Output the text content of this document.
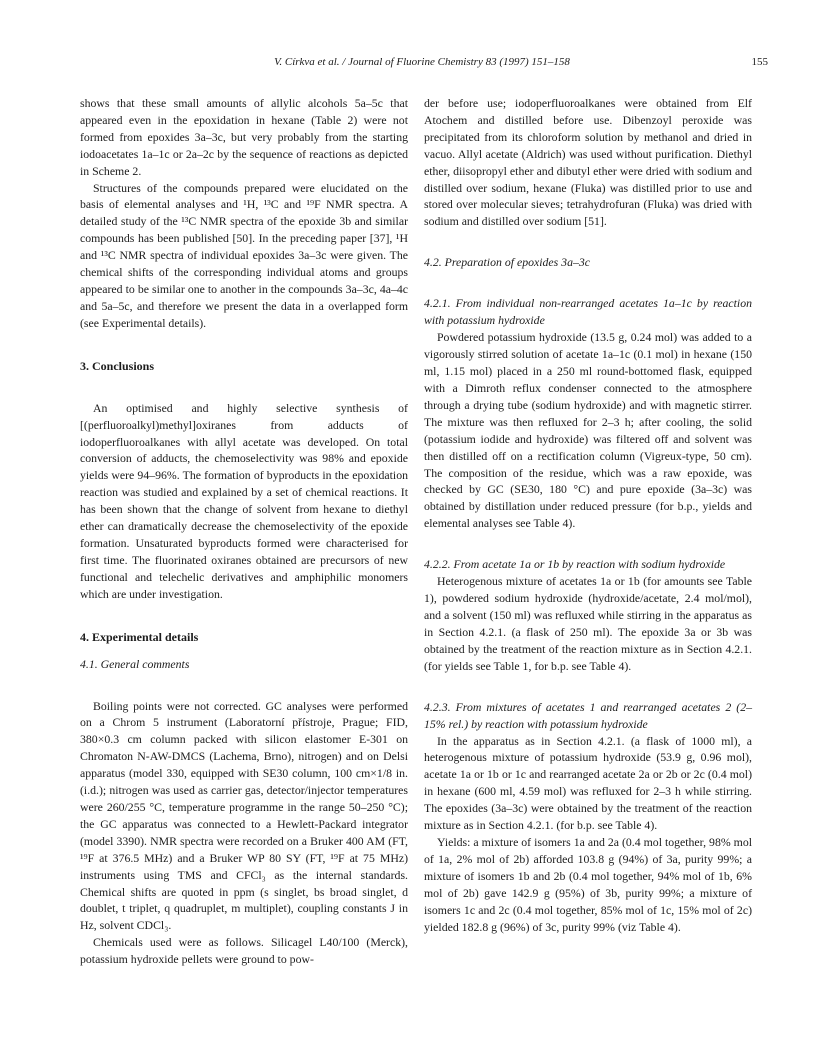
V. Církva et al. / Journal of Fluorine Chemistry 83 (1997) 151–158	155

shows that these small amounts of allylic alcohols 5a–5c that appeared even in the epoxidation in hexane (Table 2) were not formed from epoxides 3a–3c, but very probably from the starting iodoacetates 1a–1c or 2a–2c by the sequence of reactions as depicted in Scheme 2.

Structures of the compounds prepared were elucidated on the basis of elemental analyses and ¹H, ¹³C and ¹⁹F NMR spectra. A detailed study of the ¹³C NMR spectra of the epoxide 3b and similar compounds has been published [50]. In the preceding paper [37], ¹H and ¹³C NMR spectra of individual epoxides 3a–3c were given. The chemical shifts of the corresponding individual atoms and groups appeared to be similar one to another in the compounds 3a–3c, 4a–4c and 5a–5c, and therefore we present the data in a overlapped form (see Experimental details).

3. Conclusions

An optimised and highly selective synthesis of [(perfluoroalkyl)methyl]oxiranes from adducts of iodoperfluoroalkanes with allyl acetate was developed. On total conversion of adducts, the chemoselectivity was 98% and epoxide yields were 94–96%. The formation of byproducts in the epoxidation reaction was studied and explained by a set of chemical reactions. It has been shown that the change of solvent from hexane to diethyl ether can dramatically decrease the chemoselectivity of the epoxide formation. Unsaturated byproducts formed were characterised for first time. The fluorinated oxiranes obtained are precursors of new functional and telechelic derivatives and amphiphilic monomers which are under investigation.

4. Experimental details
4.1. General comments

Boiling points were not corrected. GC analyses were performed on a Chrom 5 instrument (Laboratorní přístroje, Prague; FID, 380×0.3 cm column packed with silicon elastomer E-301 on Chromaton N-AW-DMCS (Lachema, Brno), nitrogen) and on Delsi apparatus (model 330, equipped with SE30 column, 100 cm×1/8 in. (i.d.); nitrogen was used as carrier gas, detector/injector temperatures were 260/255 °C, temperature programme in the range 50–250 °C); the GC apparatus was connected to a Hewlett-Packard integrator (model 3390). NMR spectra were recorded on a Bruker 400 AM (FT, ¹⁹F at 376.5 MHz) and a Bruker WP 80 SY (FT, ¹⁹F at 75 MHz) instruments using TMS and CFCl₃ as the internal standards. Chemical shifts are quoted in ppm (s singlet, bs broad singlet, d doublet, t triplet, q quadruplet, m multiplet), coupling constants J in Hz, solvent CDCl₃.

Chemicals used were as follows. Silicagel L40/100 (Merck), potassium hydroxide pellets were ground to pow-

der before use; iodoperfluoroalkanes were obtained from Elf Atochem and distilled before use. Dibenzoyl peroxide was precipitated from its chloroform solution by methanol and dried in vacuo. Allyl acetate (Aldrich) was used without purification. Diethyl ether, diisopropyl ether and dibutyl ether were dried with sodium and distilled over sodium, hexane (Fluka) was distilled prior to use and stored over molecular sieves; tetrahydrofuran (Fluka) was dried with sodium and distilled over sodium [51].

4.2. Preparation of epoxides 3a–3c
4.2.1. From individual non-rearranged acetates 1a–1c by reaction with potassium hydroxide

Powdered potassium hydroxide (13.5 g, 0.24 mol) was added to a vigorously stirred solution of acetate 1a–1c (0.1 mol) in hexane (150 ml, 1.15 mol) placed in a 250 ml round-bottomed flask, equipped with a Dimroth reflux condenser connected to the atmosphere through a drying tube (sodium hydroxide) and with magnetic stirrer. The mixture was then refluxed for 2–3 h; after cooling, the solid (potassium iodide and hydroxide) was filtered off and solvent was then distilled off on a rectification column (Vigreux-type, 50 cm). The composition of the residue, which was a raw epoxide, was checked by GC (SE30, 180 °C) and pure epoxide (3a–3c) was obtained by distillation under reduced pressure (for b.p., yields and elemental analyses see Table 4).

4.2.2. From acetate 1a or 1b by reaction with sodium hydroxide

Heterogenous mixture of acetates 1a or 1b (for amounts see Table 1), powdered sodium hydroxide (hydroxide/acetate, 2.4 mol/mol), and a solvent (150 ml) was refluxed while stirring in the apparatus as in Section 4.2.1. (a flask of 250 ml). The epoxide 3a or 3b was obtained by the treatment of the reaction mixture as in Section 4.2.1. (for yields see Table 1, for b.p. see Table 4).

4.2.3. From mixtures of acetates 1 and rearranged acetates 2 (2–15% rel.) by reaction with potassium hydroxide

In the apparatus as in Section 4.2.1. (a flask of 1000 ml), a heterogenous mixture of potassium hydroxide (53.9 g, 0.96 mol), acetate 1a or 1b or 1c and rearranged acetate 2a or 2b or 2c (0.4 mol) in hexane (600 ml, 4.59 mol) was refluxed for 2–3 h while stirring. The epoxides (3a–3c) were obtained by the treatment of the reaction mixture as in Section 4.2.1. (for b.p. see Table 4).

Yields: a mixture of isomers 1a and 2a (0.4 mol together, 98% mol of 1a, 2% mol of 2b) afforded 103.8 g (94%) of 3a, purity 99%; a mixture of isomers 1b and 2b (0.4 mol together, 94% mol of 1b, 6% mol of 2b) gave 142.9 g (95%) of 3b, purity 99%; a mixture of isomers 1c and 2c (0.4 mol together, 85% mol of 1c, 15% mol of 2c) yielded 182.8 g (96%) of 3c, purity 99% (viz Table 4).
